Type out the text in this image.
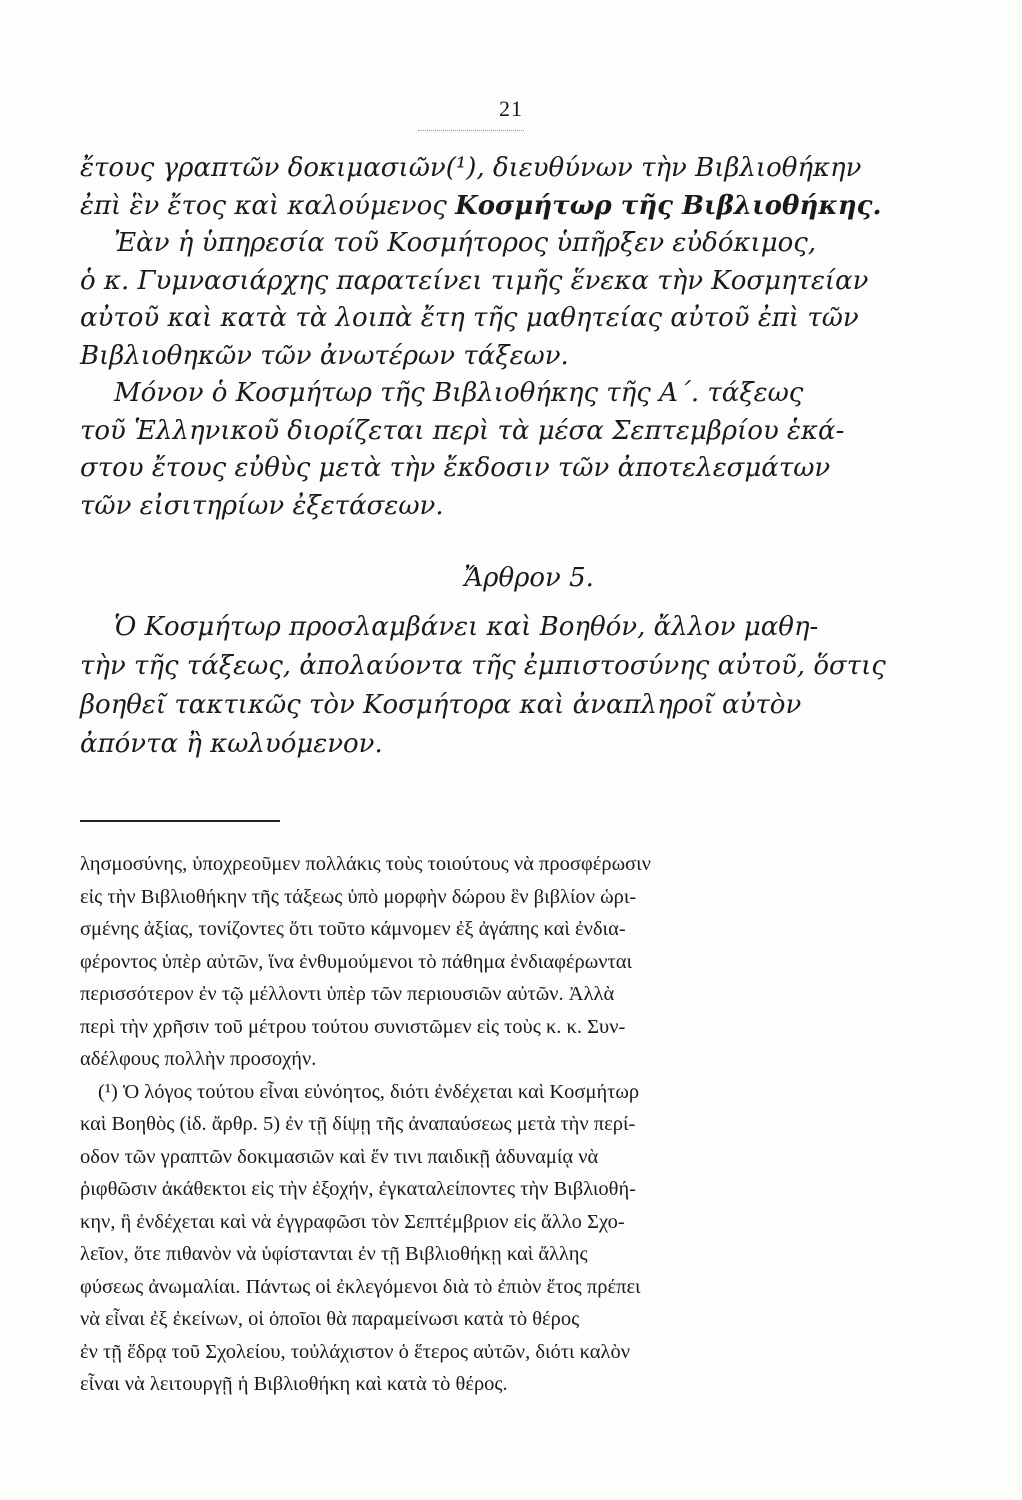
21
ἔτους γραπτῶν δοκιμασιῶν(¹), διευθύνων τὴν Βιβλιοθήκην
ἐπὶ ἓν ἔτος καὶ καλούμενος Κοσμήτωρ τῆς Βιβλιοθήκης.
Ἐὰν ἡ ὑπηρεσία τοῦ Κοσμήτορος ὑπῆρξεν εὐδόκιμος,
ὁ κ. Γυμνασιάρχης παρατείνει τιμῆς ἕνεκα τὴν Κοσμητείαν
αὐτοῦ καὶ κατὰ τὰ λοιπὰ ἔτη τῆς μαθητείας αὐτοῦ ἐπὶ τῶν
Βιβλιοθηκῶν τῶν ἀνωτέρων τάξεων.
Μόνον ὁ Κοσμήτωρ τῆς Βιβλιοθήκης τῆς Α΄. τάξεως
τοῦ Ἑλληνικοῦ διορίζεται περὶ τὰ μέσα Σεπτεμβρίου ἑκά-
στου ἔτους εὐθὺς μετὰ τὴν ἔκδοσιν τῶν ἀποτελεσμάτων
τῶν εἰσιτηρίων ἐξετάσεων.
Ἄρθρον 5.
Ὁ Κοσμήτωρ προσλαμβάνει καὶ Βοηθόν, ἄλλον μαθη-
τὴν τῆς τάξεως, ἀπολαύοντα τῆς ἐμπιστοσύνης αὐτοῦ, ὅστις
βοηθεῖ τακτικῶς τὸν Κοσμήτορα καὶ ἀναπληροῖ αὐτὸν
ἀπόντα ἢ κωλυόμενον.
λησμοσύνης, ὑποχρεοῦμεν πολλάκις τοὺς τοιούτους νὰ προσφέρωσιν
εἰς τὴν Βιβλιοθήκην τῆς τάξεως ὑπὸ μορφὴν δώρου ἓν βιβλίον ὡρι-
σμένης ἀξίας, τονίζοντες ὅτι τοῦτο κάμνομεν ἐξ ἀγάπης καὶ ἐνδια-
φέροντος ὑπὲρ αὐτῶν, ἵνα ἐνθυμούμενοι τὸ πάθημα ἐνδιαφέρωνται
περισσότερον ἐν τῷ μέλλοντι ὑπὲρ τῶν περιουσιῶν αὐτῶν. Ἀλλὰ
περὶ τὴν χρῆσιν τοῦ μέτρου τούτου συνιστῶμεν εἰς τοὺς κ. κ. Συν-
αδέλφους πολλὴν προσοχήν.
(¹) Ὁ λόγος τούτου εἶναι εὐνόητος, διότι ἐνδέχεται καὶ Κοσμήτωρ
καὶ Βοηθὸς (ἰδ. ἄρθρ. 5) ἐν τῇ δίψῃ τῆς ἀναπαύσεως μετὰ τὴν περί-
οδον τῶν γραπτῶν δοκιμασιῶν καὶ ἔν τινι παιδικῇ ἀδυναμίᾳ νὰ
ῥιφθῶσιν ἀκάθεκτοι εἰς τὴν ἐξοχήν, ἐγκαταλείποντες τὴν Βιβλιοθή-
κην, ἢ ἐνδέχεται καὶ νὰ ἐγγραφῶσι τὸν Σεπτέμβριον εἰς ἄλλο Σχο-
λεῖον, ὅτε πιθανὸν νὰ ὑφίστανται ἐν τῇ Βιβλιοθήκῃ καὶ ἄλλης
φύσεως ἀνωμαλίαι. Πάντως οἱ ἐκλεγόμενοι διὰ τὸ ἐπιὸν ἔτος πρέπει
νὰ εἶναι ἐξ ἐκείνων, οἱ ὁποῖοι θὰ παραμείνωσι κατὰ τὸ θέρος
ἐν τῇ ἕδρᾳ τοῦ Σχολείου, τοὐλάχιστον ὁ ἕτερος αὐτῶν, διότι καλὸν
εἶναι νὰ λειτουργῇ ἡ Βιβλιοθήκη καὶ κατὰ τὸ θέρος.
